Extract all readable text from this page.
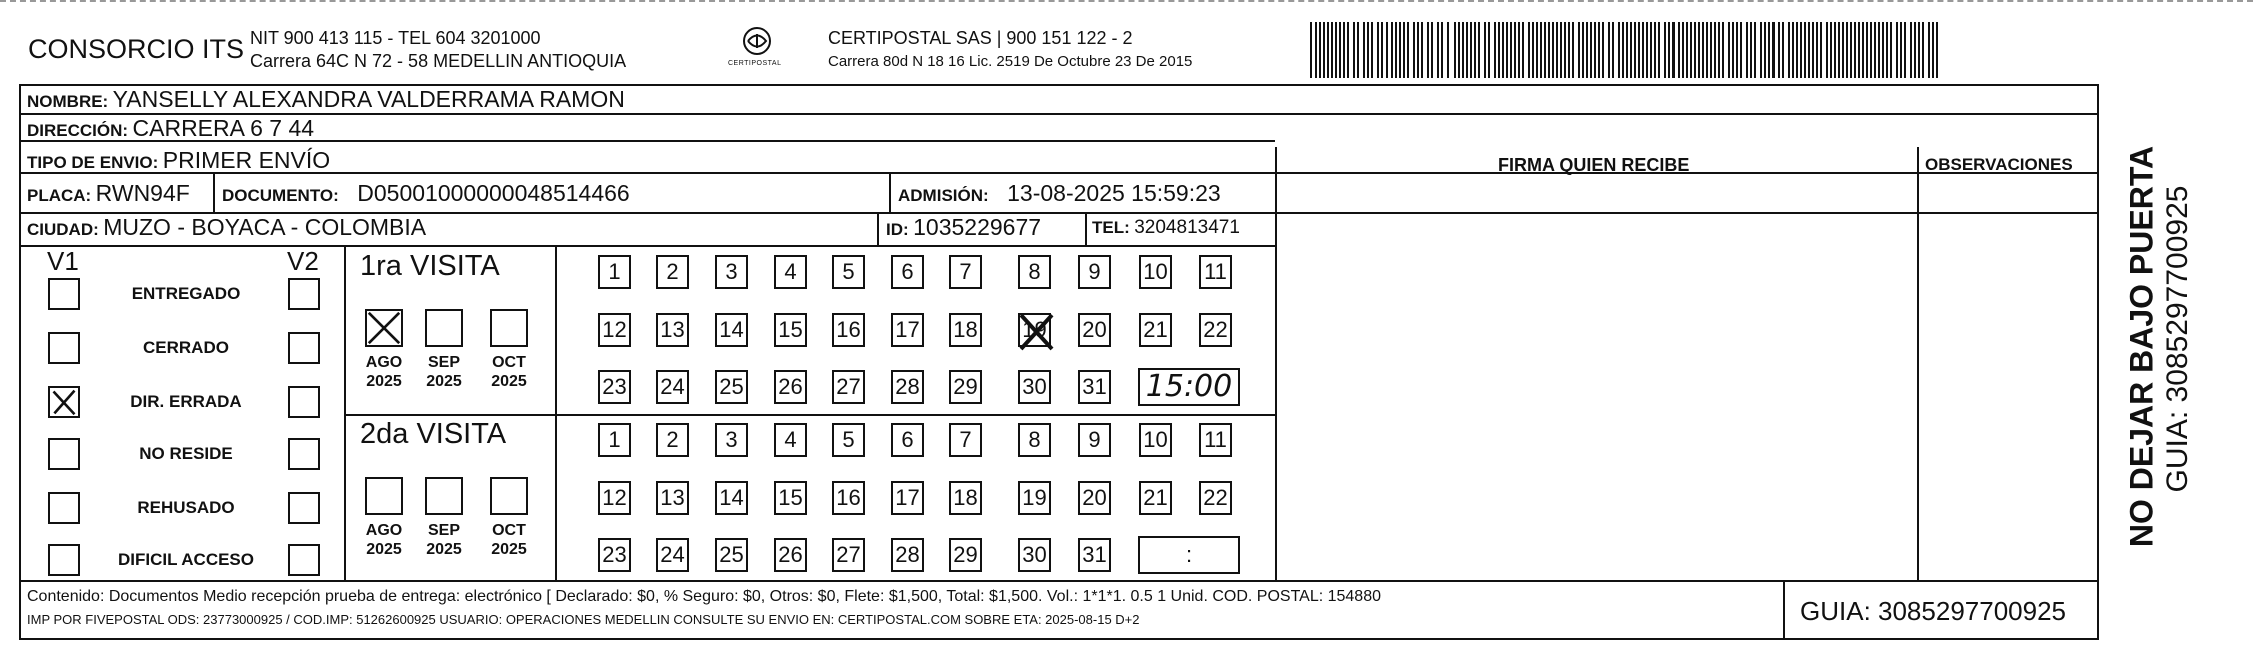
CONSORCIO ITS NIT 900 413 115 - TEL 604 3201000
Carrera 64C N 72 - 58 MEDELLIN ANTIOQUIA	CERTIPOSTAL
CERTIPOSTAL SAS | 900 151 122 - 2
Carrera 80d N 18 16 Lic. 2519 De Octubre 23 De 2015
NOMBRE: YANSELLY ALEXANDRA VALDERRAMA RAMON
DIRECCIÓN: CARRERA 6 7 44
TIPO DE ENVIO: PRIMER ENVÍO
PLACA: RWN94F DOCUMENTO: D05001000000048514466	ADMISIÓN: 13-08-2025 15:59:23
CIUDAD: MUZO - BOYACA - COLOMBIA	ID: 1035229677	TEL: 3204813471
FIRMA QUIEN RECIBE	OBSERVACIONES
V1	V2
ENTREGADO
CERRADO
DIR. ERRADA
NO RESIDE
REHUSADO
DIFICIL ACCESO
AGO
2025
SEP
2025
OCT
2025
1	2	3	4	5	6	7	8	9	10 11
12 13 14 15 16 17 18 19 20 21 22
23 24 25 26 27 28 29 30 31 15:00
AGO
2025
SEP
2025
OCT
2025
1	2	3	4	5	6	7	8	9	10 11
12 13 14 15 16 17 18 19 20 21 22
23 24 25 26 27 28 29 30 31	:
1ra VISITA
2da VISITA
Contenido: Documentos Medio recepción prueba de entrega: electrónico [ Declarado: $0, % Seguro: $0, Otros: $0, Flete: $1,500, Total: $1,500. Vol.: 1*1*1. 0.5 1 Unid. COD. POSTAL: 154880
IMP POR FIVEPOSTAL ODS: 23773000925 / COD.IMP: 51262600925 USUARIO: OPERACIONES MEDELLIN CONSULTE SU ENVIO EN: CERTIPOSTAL.COM SOBRE ETA: 2025-08-15 D+2	GUIA: 3085297700925
NO DEJAR BAJO PUERTA GUIA: 3085297700925
